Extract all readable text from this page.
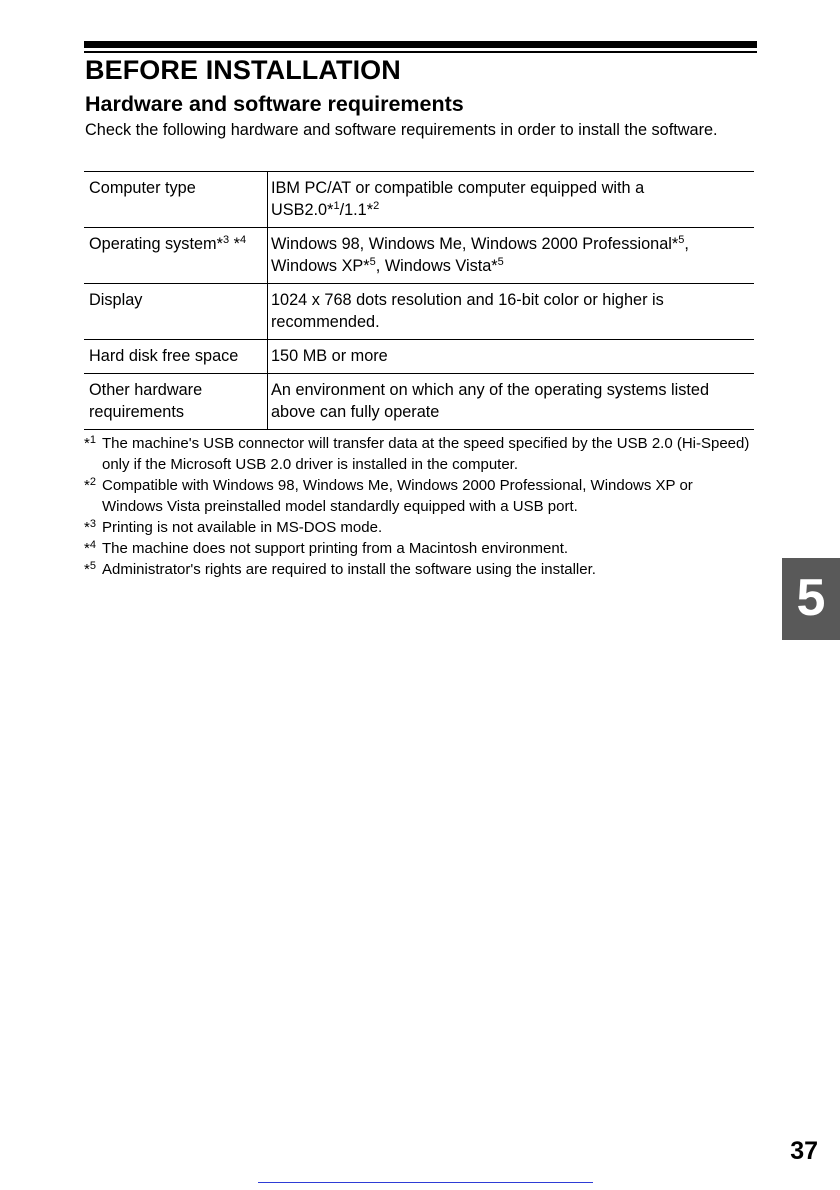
BEFORE INSTALLATION
Hardware and software requirements

Check the following hardware and software requirements in order to install the software.

Computer type	IBM PC/AT or compatible computer equipped with a USB2.0*$^1$/1.1*$^2$
Operating system*$^3$ *$^4$	Windows 98, Windows Me, Windows 2000 Professional*$^5$, Windows XP*$^5$, Windows Vista*$^5$
Display	1024 x 768 dots resolution and 16-bit color or higher is recommended.
Hard disk free space	150 MB or more
Other hardware requirements	An environment on which any of the operating systems listed above can fully operate
*$^1$ The machine's USB connector will transfer data at the speed specified by the USB 2.0 (Hi-Speed) only if the Microsoft USB 2.0 driver is installed in the computer.
*$^2$ Compatible with Windows 98, Windows Me, Windows 2000 Professional, Windows XP or Windows Vista preinstalled model standardly equipped with a USB port.
*$^3$ Printing is not available in MS-DOS mode.
*$^4$ The machine does not support printing from a Macintosh environment.
*$^5$ Administrator's rights are required to install the software using the installer.	5
37
